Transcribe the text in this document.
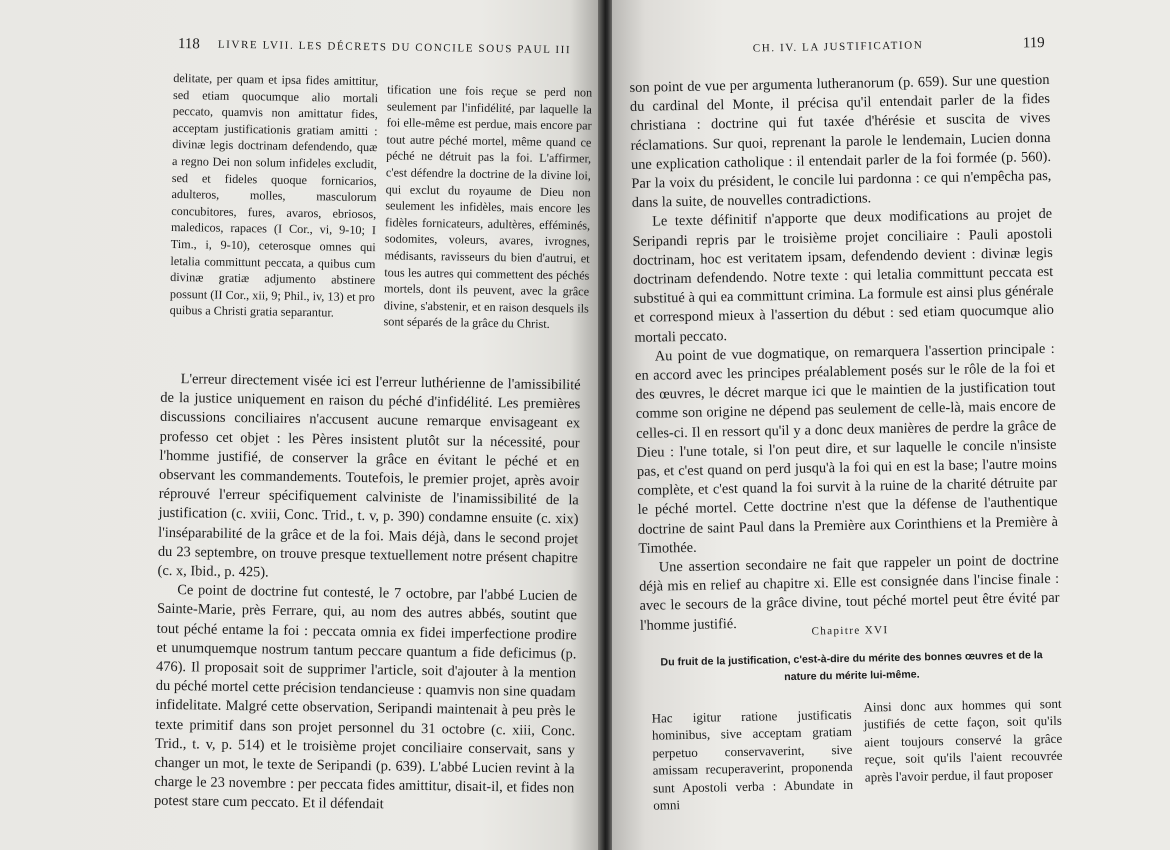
118 LIVRE LVII. LES DÉCRETS DU CONCILE SOUS PAUL III

delitate, per quam et ipsa fides amittitur, sed etiam quocumque alio mortali peccato, quamvis non amittatur fides, acceptam justificationis gratiam amitti : divinæ legis doctrinam defendendo, quæ a regno Dei non solum infideles excludit, sed et fideles quoque fornicarios, adulteros, molles, masculorum concubitores, fures, avaros, ebriosos, maledicos, rapaces (I Cor., vi, 9-10; I Tim., i, 9-10), ceterosque omnes qui letalia committunt peccata, a quibus cum divinæ gratiæ adjumento abstinere possunt (II Cor., xii, 9; Phil., iv, 13) et pro quibus a Christi gratia separantur.

tification une fois reçue se perd non seulement par l'infidélité, par laquelle la foi elle-même est perdue, mais encore par tout autre péché mortel, même quand ce péché ne détruit pas la foi. L'affirmer, c'est défendre la doctrine de la divine loi, qui exclut du royaume de Dieu non seulement les infidèles, mais encore les fidèles fornicateurs, adultères, efféminés, sodomites, voleurs, avares, ivrognes, médisants, ravisseurs du bien d'autrui, et tous les autres qui commettent des péchés mortels, dont ils peuvent, avec la grâce divine, s'abstenir, et en raison desquels ils sont séparés de la grâce du Christ.

L'erreur directement visée ici est l'erreur luthérienne de l'amissibilité de la justice uniquement en raison du péché d'infidélité. Les premières discussions conciliaires n'accusent aucune remarque envisageant ex professo cet objet : les Pères insistent plutôt sur la nécessité, pour l'homme justifié, de conserver la grâce en évitant le péché et en observant les commandements. Toutefois, le premier projet, après avoir réprouvé l'erreur spécifiquement calviniste de l'inamissibilité de la justification (c. xviii, Conc. Trid., t. v, p. 390) condamne ensuite (c. xix) l'inséparabilité de la grâce et de la foi. Mais déjà, dans le second projet du 23 septembre, on trouve presque textuellement notre présent chapitre (c. x, Ibid., p. 425).

Ce point de doctrine fut contesté, le 7 octobre, par l'abbé Lucien de Sainte-Marie, près Ferrare, qui, au nom des autres abbés, soutint que tout péché entame la foi : peccata omnia ex fidei imperfectione prodire et unumquemque nostrum tantum peccare quantum a fide deficimus (p. 476). Il proposait soit de supprimer l'article, soit d'ajouter à la mention du péché mortel cette précision tendancieuse : quamvis non sine quadam infidelitate. Malgré cette observation, Seripandi maintenait à peu près le texte primitif dans son projet personnel du 31 octobre (c. xiii, Conc. Trid., t. v, p. 514) et le troisième projet conciliaire conservait, sans y changer un mot, le texte de Seripandi (p. 639). L'abbé Lucien revint à la charge le 23 novembre : per peccata fides amittitur, disait-il, et fides non potest stare cum peccato. Et il défendait

CH. IV. LA JUSTIFICATION	119

son point de vue per argumenta lutheranorum (p. 659). Sur une question du cardinal del Monte, il précisa qu'il entendait parler de la fides christiana : doctrine qui fut taxée d'hérésie et suscita de vives réclamations. Sur quoi, reprenant la parole le lendemain, Lucien donna une explication catholique : il entendait parler de la foi formée (p. 560). Par la voix du président, le concile lui pardonna : ce qui n'empêcha pas, dans la suite, de nouvelles contradictions.

Le texte définitif n'apporte que deux modifications au projet de Seripandi repris par le troisième projet conciliaire : Pauli apostoli doctrinam, hoc est veritatem ipsam, defendendo devient : divinæ legis doctrinam defendendo. Notre texte : qui letalia committunt peccata est substitué à qui ea committunt crimina. La formule est ainsi plus générale et correspond mieux à l'assertion du début : sed etiam quocumque alio mortali peccato.

Au point de vue dogmatique, on remarquera l'assertion principale : en accord avec les principes préalablement posés sur le rôle de la foi et des œuvres, le décret marque ici que le maintien de la justification tout comme son origine ne dépend pas seulement de celle-là, mais encore de celles-ci. Il en ressort qu'il y a donc deux manières de perdre la grâce de Dieu : l'une totale, si l'on peut dire, et sur laquelle le concile n'insiste pas, et c'est quand on perd jusqu'à la foi qui en est la base; l'autre moins complète, et c'est quand la foi survit à la ruine de la charité détruite par le péché mortel. Cette doctrine n'est que la défense de l'authentique doctrine de saint Paul dans la Première aux Corinthiens et la Première à Timothée.

Une assertion secondaire ne fait que rappeler un point de doctrine déjà mis en relief au chapitre xi. Elle est consignée dans l'incise finale : avec le secours de la grâce divine, tout péché mortel peut être évité par l'homme justifié.	Chapitre XVI
Du fruit de la justification, c'est-à-dire du mérite des bonnes œuvres et de la nature du mérite lui-même.

Hac igitur ratione justificatis hominibus, sive acceptam gratiam perpetuo conservaverint, sive amissam recuperaverint, proponenda sunt Apostoli verba : Abundate in omni

Ainsi donc aux hommes qui sont justifiés de cette façon, soit qu'ils aient toujours conservé la grâce reçue, soit qu'ils l'aient recouvrée après l'avoir perdue, il faut proposer
